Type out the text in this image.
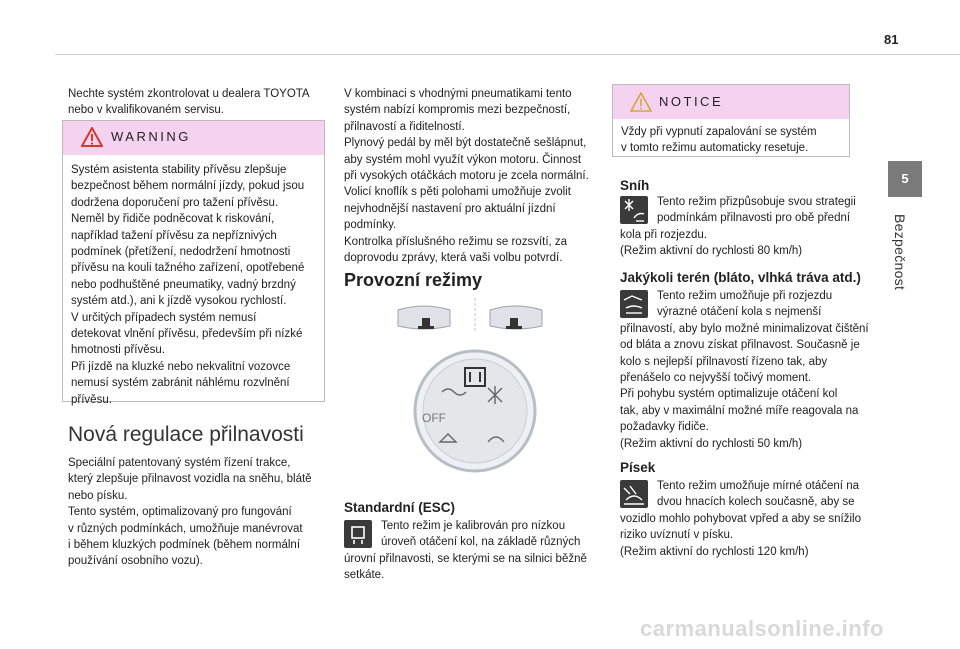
81
5
Bezpečnost
Nechte systém zkontrolovat u dealera TOYOTA nebo v kvalifikovaném servisu.
WARNING
Systém asistenta stability přívěsu zlepšuje
bezpečnost během normální jízdy, pokud jsou
dodržena doporučení pro tažení přívěsu.
Neměl by řidiče podněcovat k riskování,
například tažení přívěsu za nepříznivých
podmínek (přetížení, nedodržení hmotnosti
přívěsu na kouli tažného zařízení, opotřebené
nebo podhuštěné pneumatiky, vadný brzdný
systém atd.), ani k jízdě vysokou rychlostí.
V určitých případech systém nemusí
detekovat vlnění přívěsu, především při nízké
hmotnosti přívěsu.
Při jízdě na kluzké nebo nekvalitní vozovce
nemusí systém zabránit náhlému rozvlnění
přívěsu.
Nová regulace přilnavosti
Speciální patentovaný systém řízení trakce,
který zlepšuje přilnavost vozidla na sněhu, blátě
nebo písku.
Tento systém, optimalizovaný pro fungování
v různých podmínkách, umožňuje manévrovat
i během kluzkých podmínek (během normální
používání osobního vozu).
V kombinaci s vhodnými pneumatikami tento
systém nabízí kompromis mezi bezpečností,
přilnavostí a řiditelností.
Plynový pedál by měl být dostatečně sešlápnut,
aby systém mohl využít výkon motoru. Činnost
při vysokých otáčkách motoru je zcela normální.
Volicí knoflík s pěti polohami umožňuje zvolit
nejvhodnější nastavení pro aktuální jízdní
podmínky.
Kontrolka příslušného režimu se rozsvítí, za
doprovodu zprávy, která vaši volbu potvrdí.
Provozní režimy
OFF
Standardní (ESC)
Tento režim je kalibrován pro nízkou
úroveň otáčení kol, na základě různých
úrovní přilnavosti, se kterými se na silnici běžně
setkáte.
NOTICE
Vždy při vypnutí zapalování se systém
v tomto režimu automaticky resetuje.
Sníh
Tento režim přizpůsobuje svou strategii
podmínkám přilnavosti pro obě přední
kola při rozjezdu.
(Režim aktivní do rychlosti 80 km/h)
Jakýkoli terén (bláto, vlhká tráva atd.)
Tento režim umožňuje při rozjezdu
výrazné otáčení kola s nejmenší
přilnavostí, aby bylo možné minimalizovat čištění
od bláta a znovu získat přilnavost. Současně je
kolo s nejlepší přilnavostí řízeno tak, aby
přenášelo co nejvyšší točivý moment.
Při pohybu systém optimalizuje otáčení kol
tak, aby v maximální možné míře reagovala na
požadavky řidiče.
(Režim aktivní do rychlosti 50 km/h)
Písek
Tento režim umožňuje mírné otáčení na
dvou hnacích kolech současně, aby se
vozidlo mohlo pohybovat vpřed a aby se snížilo
riziko uvíznutí v písku.
(Režim aktivní do rychlosti 120 km/h)
carmanualsonline.info
